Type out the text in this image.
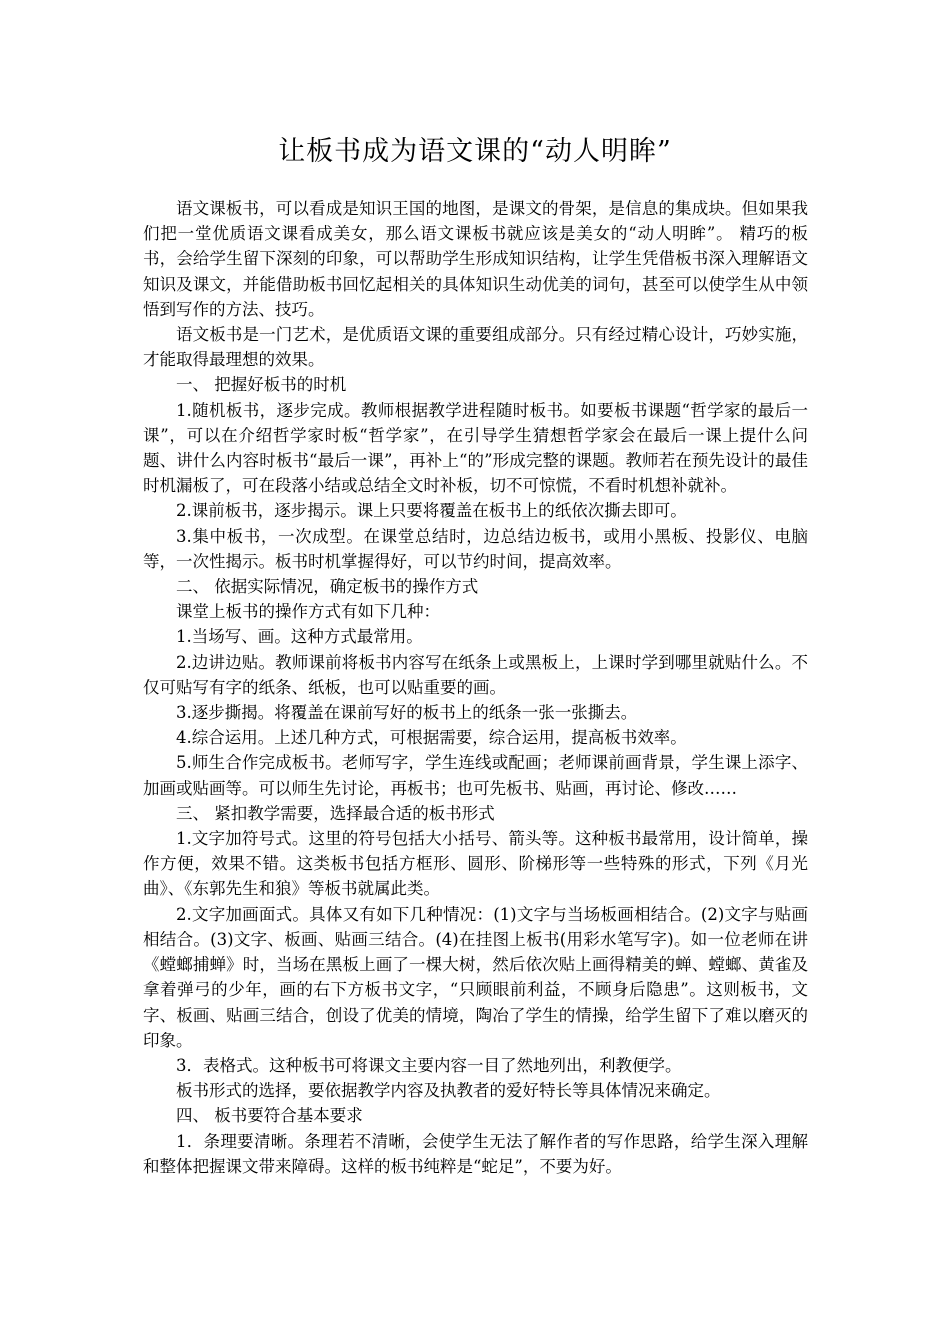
让板书成为语文课的“动人明眸”

语文课板书，可以看成是知识王国的地图，是课文的骨架，是信息的集成块。但如果我们把一堂优质语文课看成美女，那么语文课板书就应该是美女的“动人明眸”。 精巧的板书，会给学生留下深刻的印象，可以帮助学生形成知识结构，让学生凭借板书深入理解语文知识及课文，并能借助板书回忆起相关的具体知识生动优美的词句，甚至可以使学生从中领悟到写作的方法、技巧。

语文板书是一门艺术，是优质语文课的重要组成部分。只有经过精心设计，巧妙实施，才能取得最理想的效果。

一、 把握好板书的时机

1.随机板书，逐步完成。教师根据教学进程随时板书。如要板书课题“哲学家的最后一课”，可以在介绍哲学家时板“哲学家”，在引导学生猜想哲学家会在最后一课上提什么问题、讲什么内容时板书“最后一课”，再补上“的”形成完整的课题。教师若在预先设计的最佳时机漏板了，可在段落小结或总结全文时补板，切不可惊慌，不看时机想补就补。

2.课前板书，逐步揭示。课上只要将覆盖在板书上的纸依次撕去即可。

3.集中板书，一次成型。在课堂总结时，边总结边板书，或用小黑板、投影仪、电脑等，一次性揭示。板书时机掌握得好，可以节约时间，提高效率。

二、 依据实际情况，确定板书的操作方式

课堂上板书的操作方式有如下几种：

1.当场写、画。这种方式最常用。

2.边讲边贴。教师课前将板书内容写在纸条上或黑板上，上课时学到哪里就贴什么。不仅可贴写有字的纸条、纸板，也可以贴重要的画。

3.逐步撕揭。将覆盖在课前写好的板书上的纸条一张一张撕去。

4.综合运用。上述几种方式，可根据需要，综合运用，提高板书效率。

5.师生合作完成板书。老师写字，学生连线或配画；老师课前画背景，学生课上添字、加画或贴画等。可以师生先讨论，再板书；也可先板书、贴画，再讨论、修改……

三、 紧扣教学需要，选择最合适的板书形式

1.文字加符号式。这里的符号包括大小括号、箭头等。这种板书最常用，设计简单，操作方便，效果不错。这类板书包括方框形、圆形、阶梯形等一些特殊的形式，下列《月光曲》、《东郭先生和狼》等板书就属此类。

2.文字加画面式。具体又有如下几种情况：(1)文字与当场板画相结合。(2)文字与贴画相结合。(3)文字、板画、贴画三结合。(4)在挂图上板书(用彩水笔写字)。如一位老师在讲《螳螂捕蝉》时，当场在黑板上画了一棵大树，然后依次贴上画得精美的蝉、螳螂、黄雀及拿着弹弓的少年，画的右下方板书文字，“只顾眼前利益，不顾身后隐患”。这则板书，文字、板画、贴画三结合，创设了优美的情境，陶冶了学生的情操，给学生留下了难以磨灭的印象。

3．表格式。这种板书可将课文主要内容一目了然地列出，利教便学。

板书形式的选择，要依据教学内容及执教者的爱好特长等具体情况来确定。

四、 板书要符合基本要求

1．条理要清晰。条理若不清晰，会使学生无法了解作者的写作思路，给学生深入理解和整体把握课文带来障碍。这样的板书纯粹是“蛇足”，不要为好。
